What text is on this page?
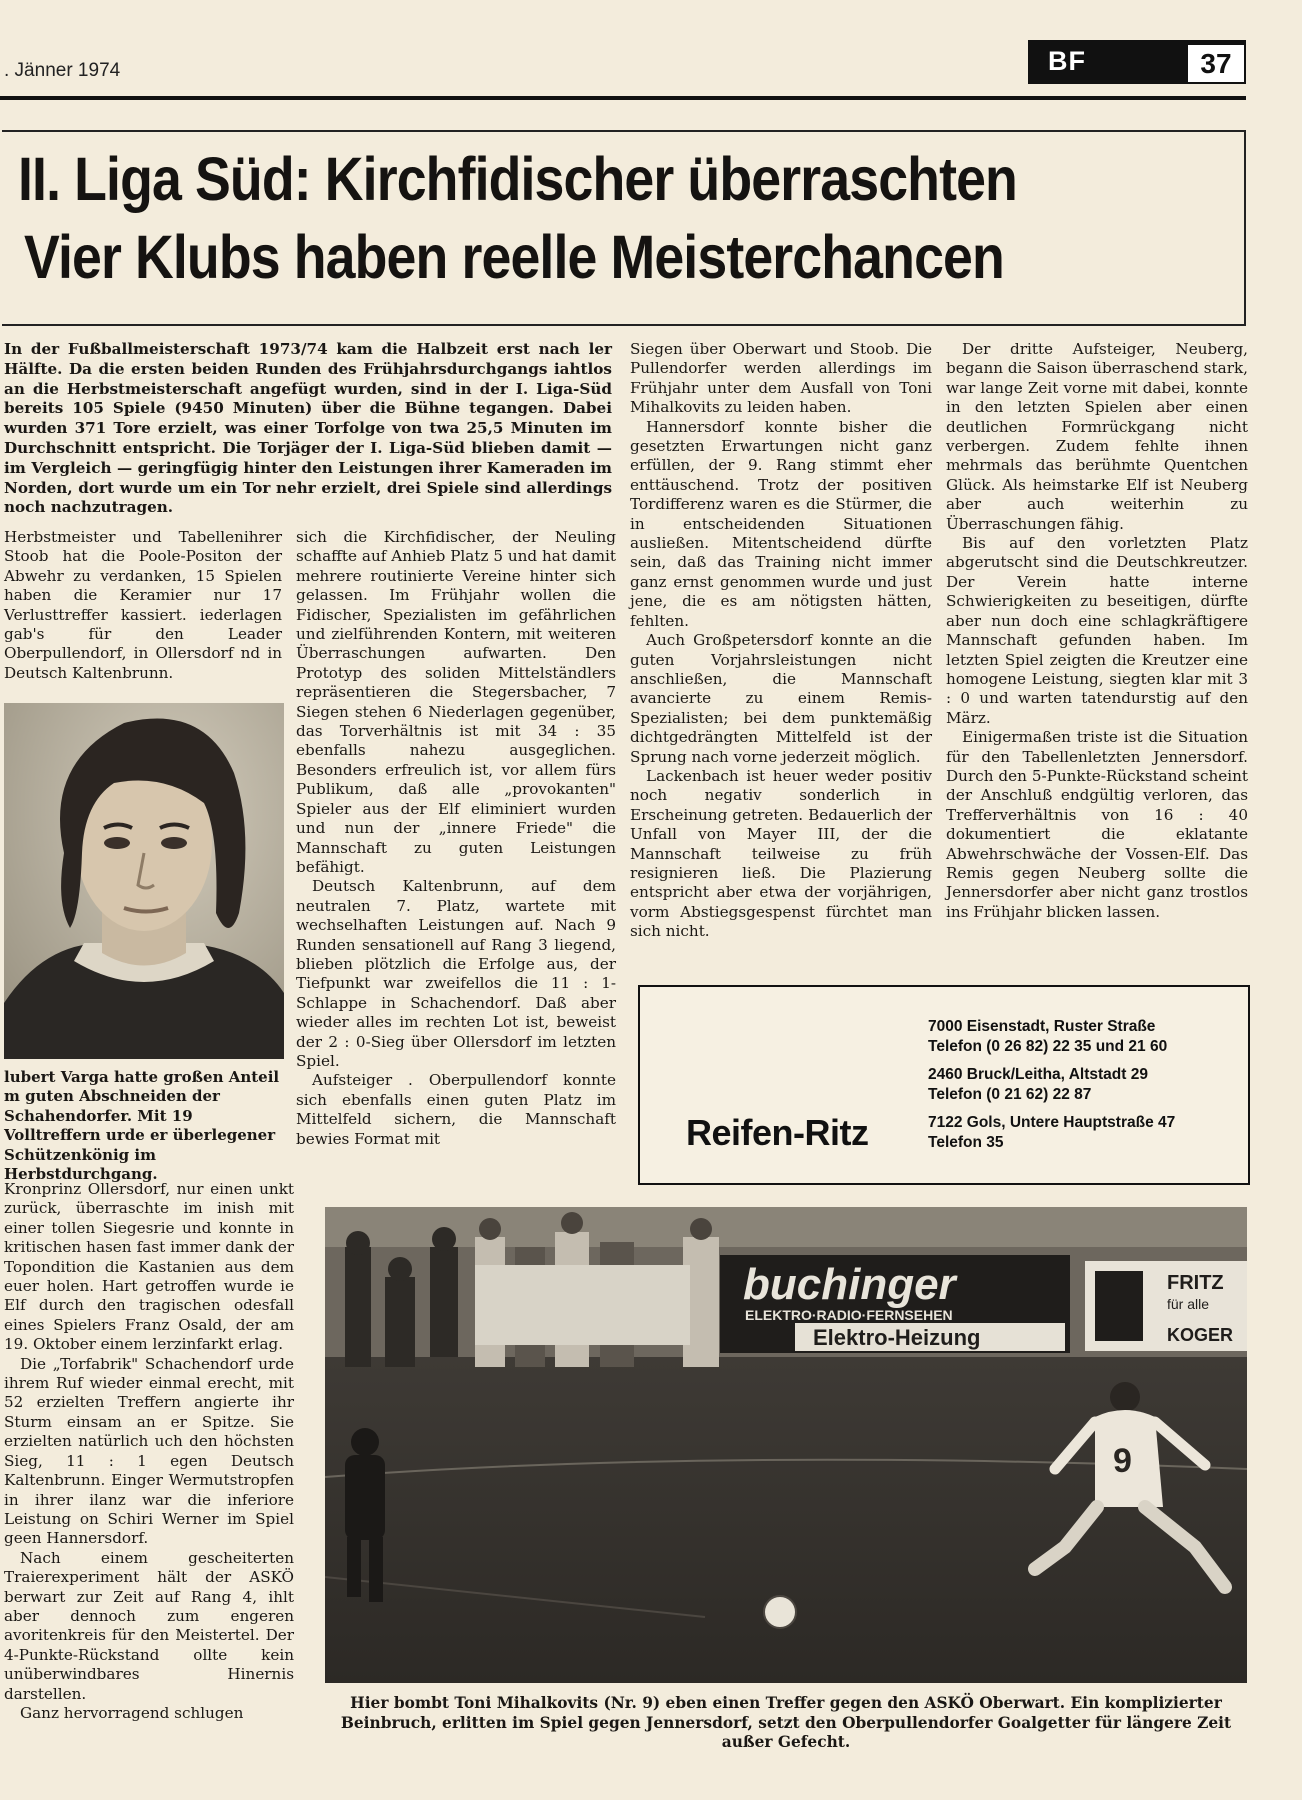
. Jänner 1974	BF	37
II. Liga Süd: Kirchfidischer überraschten
Vier Klubs haben reelle Meisterchancen
In der Fußballmeisterschaft 1973/74 kam die Halbzeit erst nach ler Hälfte. Da die ersten beiden Runden des Frühjahrsdurchgangs iahtlos an die Herbstmeisterschaft angefügt wurden, sind in der I. Liga-Süd bereits 105 Spiele (9450 Minuten) über die Bühne tegangen. Dabei wurden 371 Tore erzielt, was einer Torfolge von twa 25,5 Minuten im Durchschnitt entspricht. Die Torjäger der I. Liga-Süd blieben damit — im Vergleich — geringfügig hinter den Leistungen ihrer Kameraden im Norden, dort wurde um ein Tor nehr erzielt, drei Spiele sind allerdings noch nachzutragen.

Herbstmeister und Tabellenihrer Stoob hat die Poole-Positon der Abwehr zu verdanken, 15 Spielen haben die Keramier nur 17 Verlusttreffer kassiert. iederlagen gab's für den Leader Oberpullendorf, in Ollersdorf nd in Deutsch Kaltenbrunn.

lubert Varga hatte großen Anteil m guten Abschneiden der Schahendorfer. Mit 19 Volltreffern urde er überlegener Schützenkönig im Herbstdurchgang.

Kronprinz Ollersdorf, nur einen unkt zurück, überraschte im inish mit einer tollen Siegesrie und konnte in kritischen hasen fast immer dank der Topondition die Kastanien aus dem euer holen. Hart getroffen wurde ie Elf durch den tragischen odesfall eines Spielers Franz Osald, der am 19. Oktober einem lerzinfarkt erlag.

Die „Torfabrik" Schachendorf urde ihrem Ruf wieder einmal erecht, mit 52 erzielten Treffern angierte ihr Sturm einsam an er Spitze. Sie erzielten natürlich uch den höchsten Sieg, 11 : 1 egen Deutsch Kaltenbrunn. Einger Wermutstropfen in ihrer ilanz war die inferiore Leistung on Schiri Werner im Spiel geen Hannersdorf.

Nach einem gescheiterten Traierexperiment hält der ASKÖ berwart zur Zeit auf Rang 4, ihlt aber dennoch zum engeren avoritenkreis für den Meistertel. Der 4-Punkte-Rückstand ollte kein unüberwindbares Hinernis darstellen.

Ganz hervorragend schlugen

sich die Kirchfidischer, der Neuling schaffte auf Anhieb Platz 5 und hat damit mehrere routinierte Vereine hinter sich gelassen. Im Frühjahr wollen die Fidischer, Spezialisten im gefährlichen und zielführenden Kontern, mit weiteren Überraschungen aufwarten. Den Prototyp des soliden Mittelständlers repräsentieren die Stegersbacher, 7 Siegen stehen 6 Niederlagen gegenüber, das Torverhältnis ist mit 34 : 35 ebenfalls nahezu ausgeglichen. Besonders erfreulich ist, vor allem fürs Publikum, daß alle „provokanten" Spieler aus der Elf eliminiert wurden und nun der „innere Friede" die Mannschaft zu guten Leistungen befähigt.

Deutsch Kaltenbrunn, auf dem neutralen 7. Platz, wartete mit wechselhaften Leistungen auf. Nach 9 Runden sensationell auf Rang 3 liegend, blieben plötzlich die Erfolge aus, der Tiefpunkt war zweifellos die 11 : 1-Schlappe in Schachendorf. Daß aber wieder alles im rechten Lot ist, beweist der 2 : 0-Sieg über Ollersdorf im letzten Spiel.

Aufsteiger . Oberpullendorf konnte sich ebenfalls einen guten Platz im Mittelfeld sichern, die Mannschaft bewies Format mit

Siegen über Oberwart und Stoob. Die Pullendorfer werden allerdings im Frühjahr unter dem Ausfall von Toni Mihalkovits zu leiden haben.

Hannersdorf konnte bisher die gesetzten Erwartungen nicht ganz erfüllen, der 9. Rang stimmt eher enttäuschend. Trotz der positiven Tordifferenz waren es die Stürmer, die in entscheidenden Situationen ausließen. Mitentscheidend dürfte sein, daß das Training nicht immer ganz ernst genommen wurde und just jene, die es am nötigsten hätten, fehlten.

Auch Großpetersdorf konnte an die guten Vorjahrsleistungen nicht anschließen, die Mannschaft avancierte zu einem Remis-Spezialisten; bei dem punktemäßig dichtgedrängten Mittelfeld ist der Sprung nach vorne jederzeit möglich.

Lackenbach ist heuer weder positiv noch negativ sonderlich in Erscheinung getreten. Bedauerlich der Unfall von Mayer III, der die Mannschaft teilweise zu früh resignieren ließ. Die Plazierung entspricht aber etwa der vorjährigen, vorm Abstiegsgespenst fürchtet man sich nicht.

Der dritte Aufsteiger, Neuberg, begann die Saison überraschend stark, war lange Zeit vorne mit dabei, konnte in den letzten Spielen aber einen deutlichen Formrückgang nicht verbergen. Zudem fehlte ihnen mehrmals das berühmte Quentchen Glück. Als heimstarke Elf ist Neuberg aber auch weiterhin zu Überraschungen fähig.

Bis auf den vorletzten Platz abgerutscht sind die Deutschkreutzer. Der Verein hatte interne Schwierigkeiten zu beseitigen, dürfte aber nun doch eine schlagkräftigere Mannschaft gefunden haben. Im letzten Spiel zeigten die Kreutzer eine homogene Leistung, siegten klar mit 3 : 0 und warten tatendurstig auf den März.

Einigermaßen triste ist die Situation für den Tabellenletzten Jennersdorf. Durch den 5-Punkte-Rückstand scheint der Anschluß endgültig verloren, das Trefferverhältnis von 16 : 40 dokumentiert die eklatante Abwehrschwäche der Vossen-Elf. Das Remis gegen Neuberg sollte die Jennersdorfer aber nicht ganz trostlos ins Frühjahr blicken lassen.

Reifen-Ritz
7000 Eisenstadt, Ruster Straße
Telefon (0 26 82) 22 35 und 21 60
2460 Bruck/Leitha, Altstadt 29
Telefon (0 21 62) 22 87
7122 Gols, Untere Hauptstraße 47
Telefon 35
buchinger
ELEKTRO·RADIO·FERNSEHEN
Elektro-Heizung
FRITZ
für alle
KOGER
9
Hier bombt Toni Mihalkovits (Nr. 9) eben einen Treffer gegen den ASKÖ Oberwart. Ein komplizierter Beinbruch, erlitten im Spiel gegen Jennersdorf, setzt den Oberpullendorfer Goalgetter für längere Zeit außer Gefecht.
